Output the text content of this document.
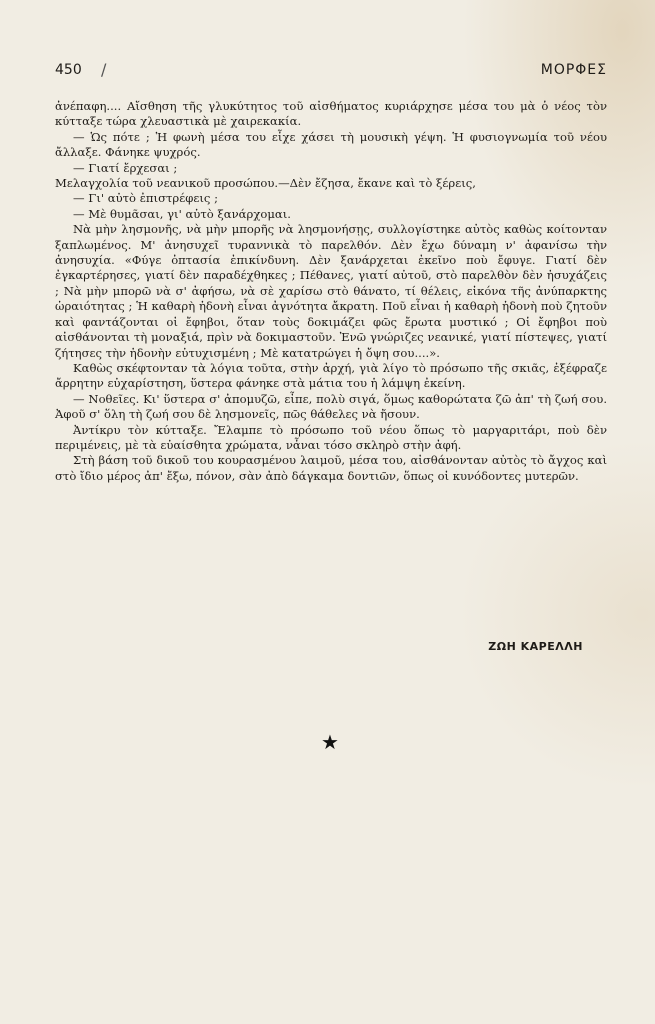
450 /	ΜΟΡΦΕΣ

ἀνέπαφη.... Αἴσθηση τῆς γλυκύτητος τοῦ αἰσθήματος κυριάρχησε μέσα του μὰ ὁ νέος τὸν κύτταξε τώρα χλευαστικὰ μὲ χαιρεκακία.

— Ὡς πότε ; Ἡ φωνὴ μέσα του εἶχε χάσει τὴ μουσικὴ γέψη. Ἡ φυσιογνωμία τοῦ νέου ἄλλαξε. Φάνηκε ψυχρός.

— Γιατί ἔρχεσαι ;

Μελαγχολία τοῦ νεανικοῦ προσώπου.—Δὲν ἔζησα, ἔκανε καὶ τὸ ξέρεις,

— Γι' αὐτὸ ἐπιστρέφεις ;

— Μὲ θυμᾶσαι, γι' αὐτὸ ξανάρχομαι.

Νὰ μὴν λησμονῆς, νὰ μὴν μπορῆς νὰ λησμονήσῃς, συλλογίστηκε αὐτὸς καθὼς κοίτονταν ξαπλωμένος. Μ' ἀνησυχεῖ τυραννικὰ τὸ παρελθόν. Δὲν ἔχω δύναμη ν' ἀφανίσω τὴν ἀνησυχία. «Φύγε ὀπτασία ἐπικίνδυνη. Δὲν ξανάρχεται ἐκεῖνο ποὺ ἔφυγε. Γιατί δὲν ἐγκαρτέρησες, γιατί δὲν παραδέχθηκες ; Πέθανες, γιατί αὐτοῦ, στὸ παρελθὸν δὲν ἡσυχάζεις ; Νὰ μὴν μπορῶ νὰ σ' ἀφήσω, νὰ σὲ χαρίσω στὸ θάνατο, τί θέλεις, εἰκόνα τῆς ἀνύπαρκτης ὡραιότητας ; Ἡ καθαρὴ ἡδονὴ εἶναι ἀγνότητα ἄκρατη. Ποῦ εἶναι ἡ καθαρὴ ἡδονὴ ποὺ ζητοῦν καὶ φαντάζονται οἱ ἔφηβοι, ὅταν τοὺς δοκιμάζει φῶς ἔρωτα μυστικό ; Οἱ ἔφηβοι ποὺ αἰσθάνονται τὴ μοναξιά, πρὶν νὰ δοκιμαστοῦν. Ἐνῶ γνώριζες νεανικέ, γιατί πίστεψες, γιατί ζήτησες τὴν ἡδονὴν εὐτυχισμένη ; Μὲ κατατρώγει ἡ ὄψη σου....».

Καθὼς σκέφτονταν τὰ λόγια τοῦτα, στὴν ἀρχή, γιὰ λίγο τὸ πρόσωπο τῆς σκιᾶς, ἐξέφραζε ἄρρητην εὐχαρίστηση, ὕστερα φάνηκε στὰ μάτια του ἡ λάμψη ἐκείνη.

— Νοθεῖες. Κι' ὕστερα σ' ἀπομυζῶ, εἶπε, πολὺ σιγά, ὅμως καθορώτατα ζῶ ἀπ' τὴ ζωή σου. Ἀφοῦ σ' ὅλη τὴ ζωή σου δὲ λησμονεῖς, πῶς θάθελες νὰ ἤσουν.

Ἀντίκρυ τὸν κύτταξε. Ἔλαμπε τὸ πρόσωπο τοῦ νέου ὅπως τὸ μαργαριτάρι, ποὺ δὲν περιμένεις, μὲ τὰ εὐαίσθητα χρώματα, νἆναι τόσο σκληρὸ στὴν ἀφή.

Στὴ βάση τοῦ δικοῦ του κουρασμένου λαιμοῦ, μέσα του, αἰσθάνονταν αὐτὸς τὸ ἄγχος καὶ στὸ ἴδιο μέρος ἀπ' ἔξω, πόνον, σὰν ἀπὸ δάγκαμα δοντιῶν, ὅπως οἱ κυνόδοντες μυτερῶν.

ΖΩΗ ΚΑΡΕΛΛΗ
★
